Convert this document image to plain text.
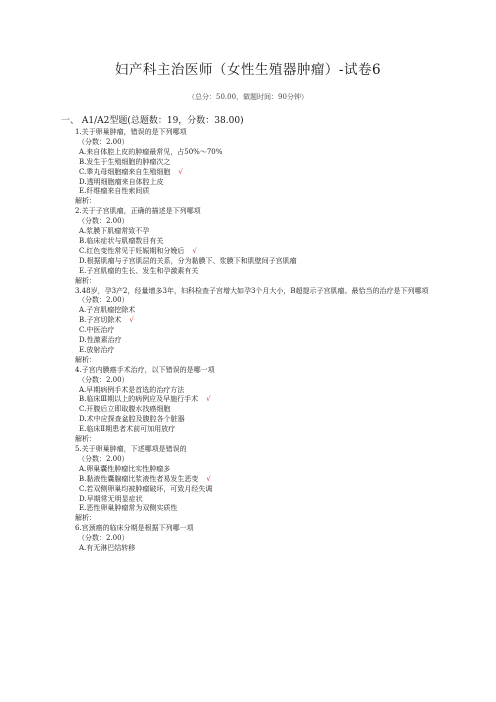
妇产科主治医师（女性生殖器肿瘤）-试卷6
（总分：50.00，做题时间：90分钟）
一、 A1/A2型题(总题数：19，分数：38.00)
1.关于卵巢肿瘤，错误的是下列哪项
（分数：2.00）
A.来自体腔上皮的肿瘤最常见，占50%～70%
B.发生于生殖细胞的肿瘤次之
C.睾丸母细胞瘤来自生殖细胞 √
D.透明细胞瘤来自体腔上皮
E.纤维瘤来自性索间质
解析：
2.关于子宫肌瘤，正确的描述是下列哪项
（分数：2.00）
A.浆膜下肌瘤常致不孕
B.临床症状与肌瘤数目有关
C.红色变性常见于妊娠期和分娩后 √
D.根据肌瘤与子宫肌层的关系，分为黏膜下、浆膜下和肌壁间子宫肌瘤
E.子宫肌瘤的生长、发生和孕激素有关
解析：
3.48岁，孕3产2，经量增多3年，妇科检查子宫增大如孕3个月大小，B超提示子宫肌瘤。最恰当的治疗是下列哪项
（分数：2.00）
A.子宫肌瘤挖除术
B.子宫切除术 √
C.中医治疗
D.性激素治疗
E.放射治疗
解析：
4.子宫内膜癌手术治疗，以下错误的是哪一项
（分数：2.00）
A.早期病例手术是首选的治疗方法
B.临床Ⅲ期以上的病例应及早施行手术 √
C.开腹后立即取腹水找癌细胞
D.术中应探查盆腔及腹腔各个脏器
E.临床Ⅱ期患者术前可加用放疗
解析：
5.关于卵巢肿瘤，下述哪项是错误的
（分数：2.00）
A.卵巢囊性肿瘤比实性肿瘤多
B.黏液性囊腺瘤比浆液性者易发生恶变 √
C.若双侧卵巢均被肿瘤破坏，可致月经失调
D.早期常无明显症状
E.恶性卵巢肿瘤常为双侧实质性
解析：
6.宫颈癌的临床分期是根据下列哪一项
（分数：2.00）
A.有无淋巴结转移
